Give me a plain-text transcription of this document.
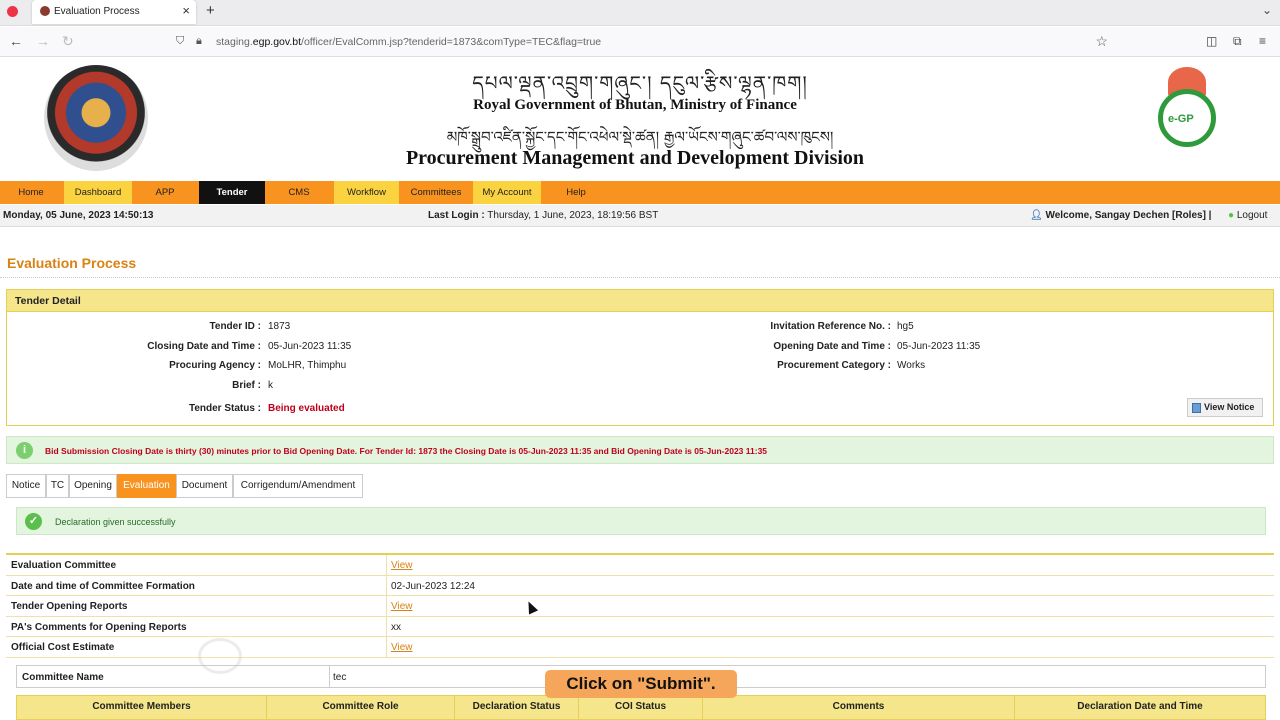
Evaluation Process	× +	⌄
← → ↻	⛉ 🔒︎ staging.egp.gov.bt/officer/EvalComm.jsp?tenderid=1873&comType=TEC&flag=true	☆	◫ ⧉ ≡
དཔལ་ལྡན་འབྲུག་གཞུང་། དངུལ་རྩིས་ལྷན་ཁག།
Royal Government of Bhutan, Ministry of Finance
མཁོ་སྒྲུབ་འཛིན་སྐྱོང་དང་གོང་འཕེལ་སྡེ་ཚན། རྒྱལ་ཡོངས་གཞུང་ཚབ་ལས་ཁུངས།
Procurement Management and Development Division
e-GP
Home	Dashboard	APP	Tender	CMS	Workflow	Committees	My Account	Help
Monday, 05 June, 2023 14:50:13	Last Login : Thursday, 1 June, 2023, 18:19:56 BST	👤︎ Welcome, Sangay Dechen [Roles] | ● Logout
Evaluation Process
Tender Detail
Tender ID : 1873
Closing Date and Time : 05-Jun-2023 11:35
Procuring Agency : MoLHR, Thimphu
Brief : k
Tender Status : Being evaluated
Invitation Reference No. : hg5
Opening Date and Time : 05-Jun-2023 11:35
Procurement Category : Works
View Notice
i	Bid Submission Closing Date is thirty (30) minutes prior to Bid Opening Date. For Tender Id: 1873 the Closing Date is 05-Jun-2023 11:35 and Bid Opening Date is 05-Jun-2023 11:35
Notice	TC Opening	Evaluation	Document	Corrigendum/Amendment
✓	Declaration given successfully
Evaluation Committee	View
Date and time of Committee Formation	02-Jun-2023 12:24
Tender Opening Reports	View
PA's Comments for Opening Reports	xx
Official Cost Estimate	View
Committee Name	tec
Committee Members	Committee Role	Declaration Status	COI Status	Comments	Declaration Date and Time
Click on "Submit".
